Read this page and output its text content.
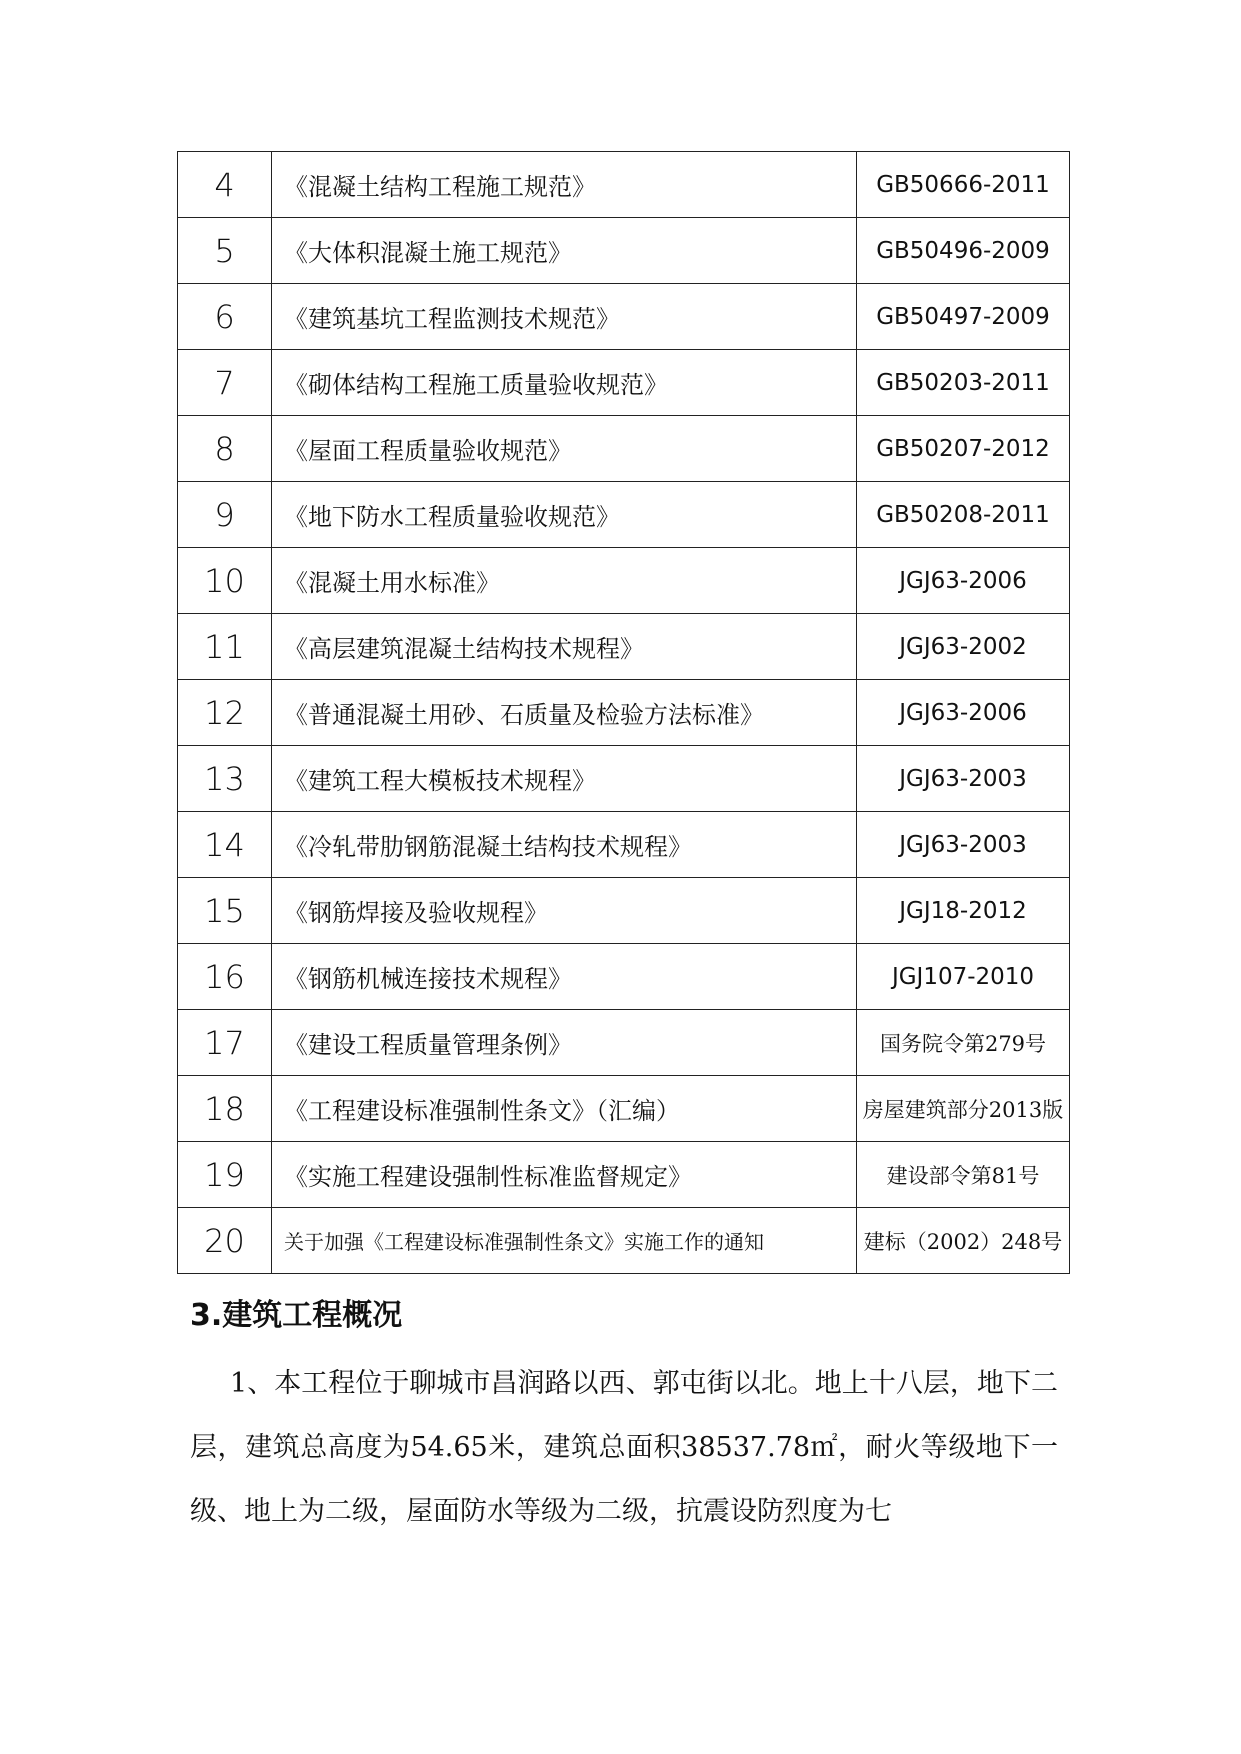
4	《混凝土结构工程施工规范》	GB50666-2011
5	《大体积混凝土施工规范》	GB50496-2009
6	《建筑基坑工程监测技术规范》	GB50497-2009
7	《砌体结构工程施工质量验收规范》	GB50203-2011
8	《屋面工程质量验收规范》	GB50207-2012
9	《地下防水工程质量验收规范》	GB50208-2011
10	《混凝土用水标准》	JGJ63-2006
11	《高层建筑混凝土结构技术规程》	JGJ63-2002
12	《普通混凝土用砂、石质量及检验方法标准》	JGJ63-2006
13	《建筑工程大模板技术规程》	JGJ63-2003
14	《冷轧带肋钢筋混凝土结构技术规程》	JGJ63-2003
15	《钢筋焊接及验收规程》	JGJ18-2012
16	《钢筋机械连接技术规程》	JGJ107-2010
17	《建设工程质量管理条例》	国务院令第279号
18	《工程建设标准强制性条文》（汇编）	房屋建筑部分2013版
19	《实施工程建设强制性标准监督规定》	建设部令第81号
20	关于加强《工程建设标准强制性条文》实施工作的通知	建标（2002）248号
3.建筑工程概况

1、本工程位于聊城市昌润路以西、郭屯街以北。地上十八层，地下二层，建筑总高度为54.65米，建筑总面积38537.78㎡，耐火等级地下一级、地上为二级，屋面防水等级为二级，抗震设防烈度为七
